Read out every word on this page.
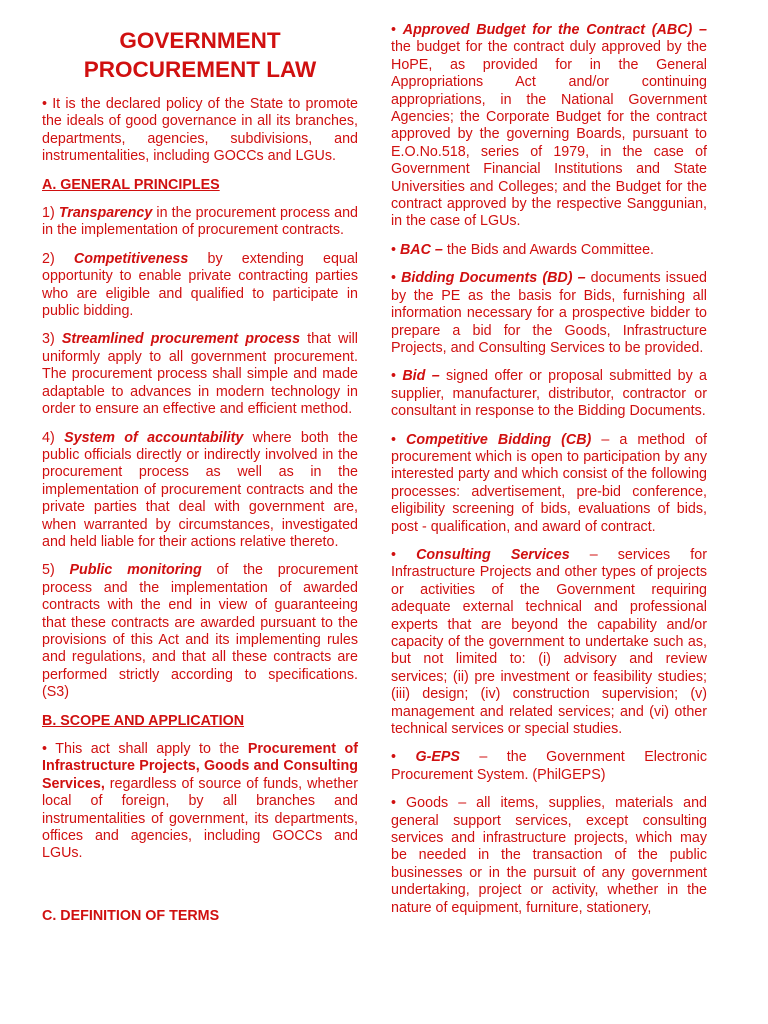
GOVERNMENT
PROCUREMENT LAW

• It is the declared policy of the State to promote the ideals of good governance in all its branches, departments, agencies, subdivisions, and instrumentalities, including GOCCs and LGUs.

A. GENERAL PRINCIPLES

1) Transparency in the procurement process and in the implementation of procurement contracts.

2) Competitiveness by extending equal opportunity to enable private contracting parties who are eligible and qualified to participate in public bidding.

3) Streamlined procurement process that will uniformly apply to all government procurement. The procurement process shall simple and made adaptable to advances in modern technology in order to ensure an effective and efficient method.

4) System of accountability where both the public officials directly or indirectly involved in the procurement process as well as in the implementation of procurement contracts and the private parties that deal with government are, when warranted by circumstances, investigated and held liable for their actions relative thereto.

5) Public monitoring of the procurement process and the implementation of awarded contracts with the end in view of guaranteeing that these contracts are awarded pursuant to the provisions of this Act and its implementing rules and regulations, and that all these contracts are performed strictly according to specifications. (S3)

B. SCOPE AND APPLICATION

• This act shall apply to the Procurement of Infrastructure Projects, Goods and Consulting Services, regardless of source of funds, whether local of foreign, by all branches and instrumentalities of government, its departments, offices and agencies, including GOCCs and LGUs.

C. DEFINITION OF TERMS

• Approved Budget for the Contract (ABC) – the budget for the contract duly approved by the HoPE, as provided for in the General Appropriations Act and/or continuing appropriations, in the National Government Agencies; the Corporate Budget for the contract approved by the governing Boards, pursuant to E.O.No.518, series of 1979, in the case of Government Financial Institutions and State Universities and Colleges; and the Budget for the contract approved by the respective Sanggunian, in the case of LGUs.

• BAC – the Bids and Awards Committee.

• Bidding Documents (BD) – documents issued by the PE as the basis for Bids, furnishing all information necessary for a prospective bidder to prepare a bid for the Goods, Infrastructure Projects, and Consulting Services to be provided.

• Bid – signed offer or proposal submitted by a supplier, manufacturer, distributor, contractor or consultant in response to the Bidding Documents.

• Competitive Bidding (CB) – a method of procurement which is open to participation by any interested party and which consist of the following processes: advertisement, pre-bid conference, eligibility screening of bids, evaluations of bids, post - qualification, and award of contract.

• Consulting Services – services for Infrastructure Projects and other types of projects or activities of the Government requiring adequate external technical and professional experts that are beyond the capability and/or capacity of the government to undertake such as, but not limited to: (i) advisory and review services; (ii) pre investment or feasibility studies; (iii) design; (iv) construction supervision; (v) management and related services; and (vi) other technical services or special studies.

• G-EPS – the Government Electronic Procurement System. (PhilGEPS)

• Goods – all items, supplies, materials and general support services, except consulting services and infrastructure projects, which may be needed in the transaction of the public businesses or in the pursuit of any government undertaking, project or activity, whether in the nature of equipment, furniture, stationery,
